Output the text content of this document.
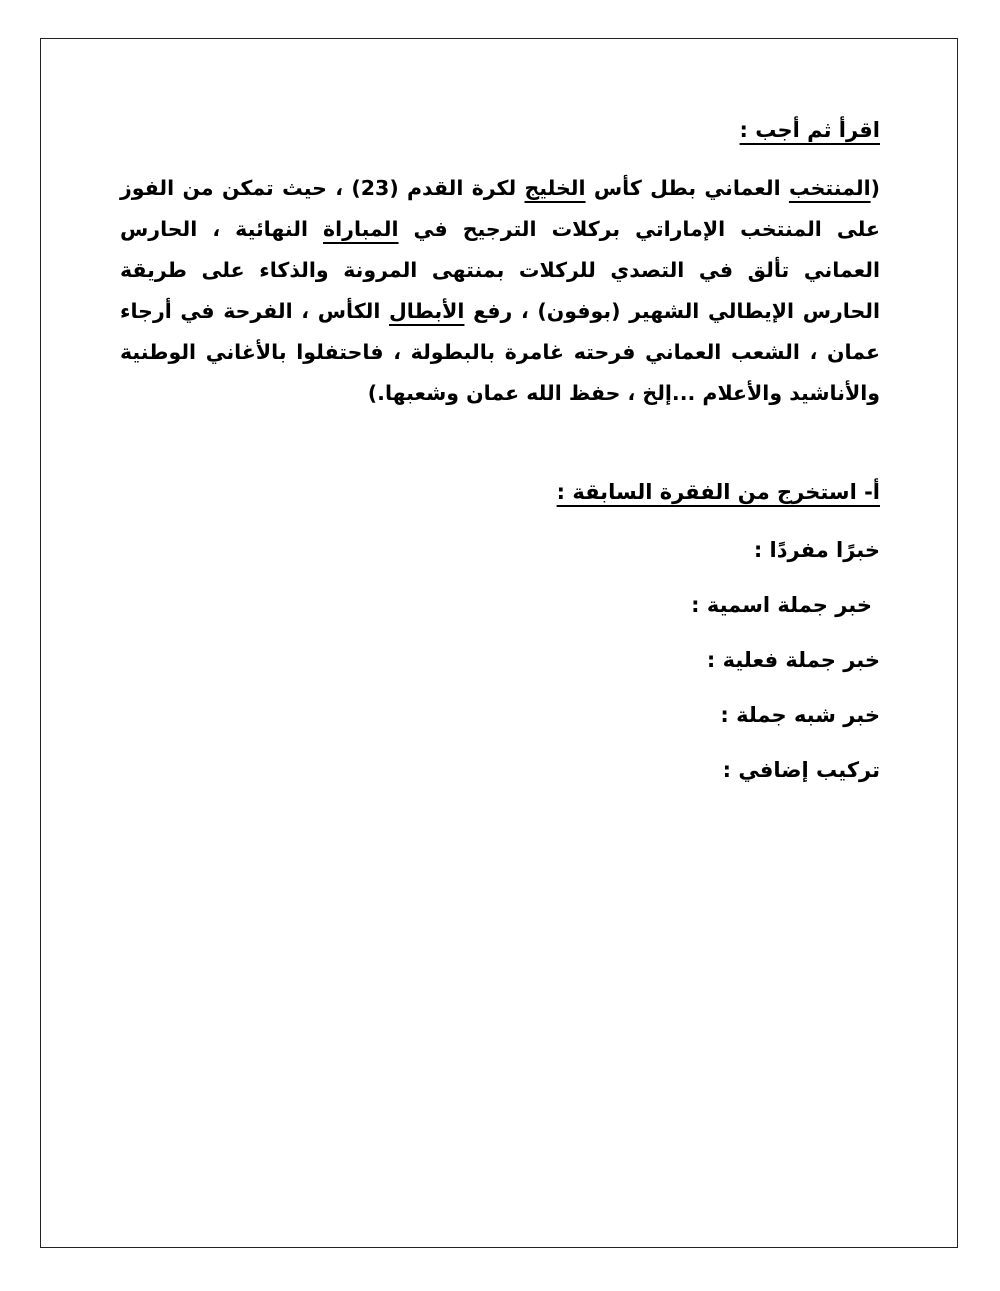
اقرأ ثم أجب :

(المنتخب العماني بطل كأس الخليج لكرة القدم (23) ، حيث تمكن من الفوز على المنتخب الإماراتي بركلات الترجيح في المباراة النهائية ، الحارس العماني تألق في التصدي للركلات بمنتهى المرونة والذكاء على طريقة الحارس الإيطالي الشهير (بوفون) ، رفع الأبطال الكأس ، الفرحة في أرجاء عمان ، الشعب العماني فرحته غامرة بالبطولة ، فاحتفلوا بالأغاني الوطنية والأناشيد والأعلام ...إلخ ، حفظ الله عمان وشعبها.)

أ- استخرج من الفقرة السابقة :
خبرًا مفردًا :
خبر جملة اسمية :
خبر جملة فعلية :
خبر شبه جملة :
تركيب إضافي :
